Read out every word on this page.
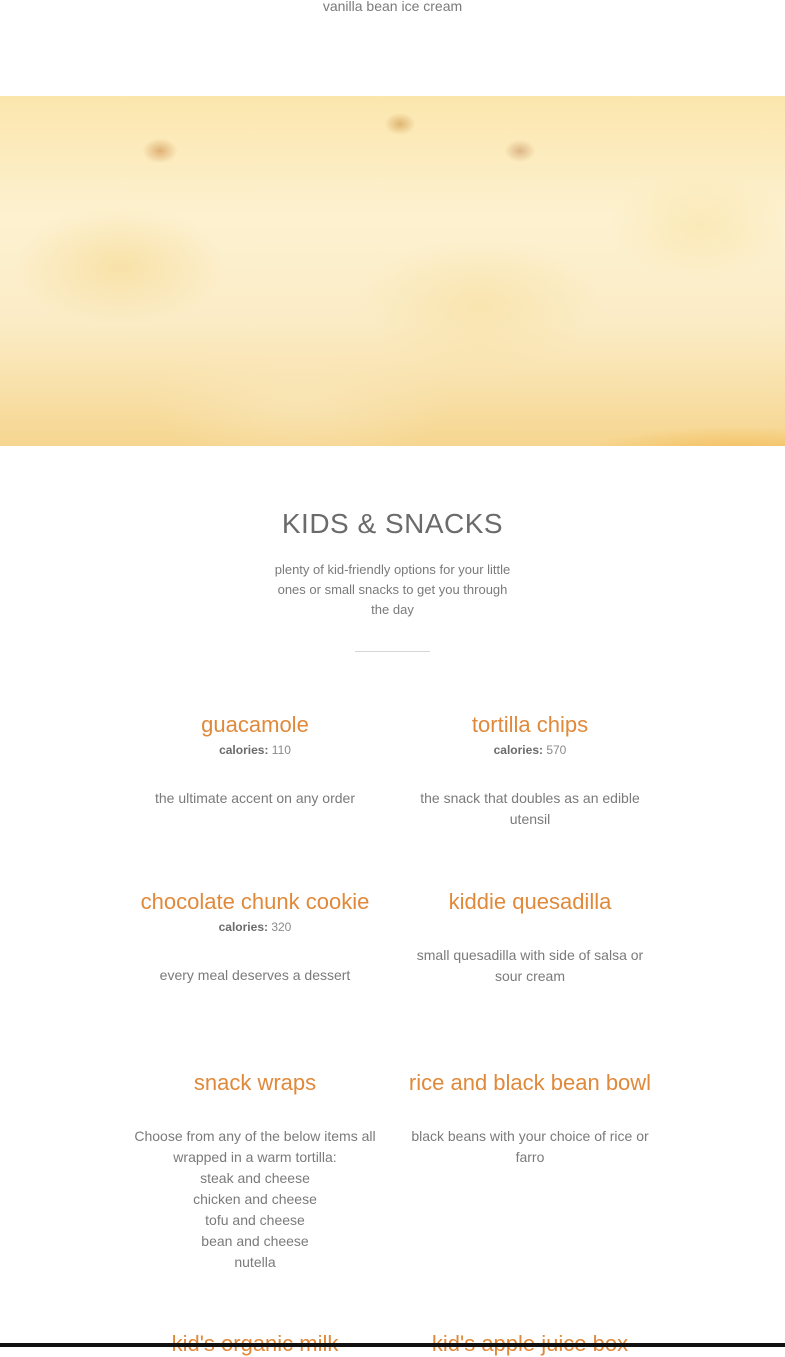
vanilla bean ice cream

KIDS & SNACKS

plenty of kid-friendly options for your little ones or small snacks to get you through the day

guacamole

calories: 110

the ultimate accent on any order

tortilla chips

calories: 570

the snack that doubles as an edible utensil

chocolate chunk cookie

calories: 320

every meal deserves a dessert

kiddie quesadilla

small quesadilla with side of salsa or sour cream

snack wraps

Choose from any of the below items all wrapped in a warm tortilla:

steak and cheese

chicken and cheese

tofu and cheese

bean and cheese

nutella

rice and black bean bowl

black beans with your choice of rice or farro
